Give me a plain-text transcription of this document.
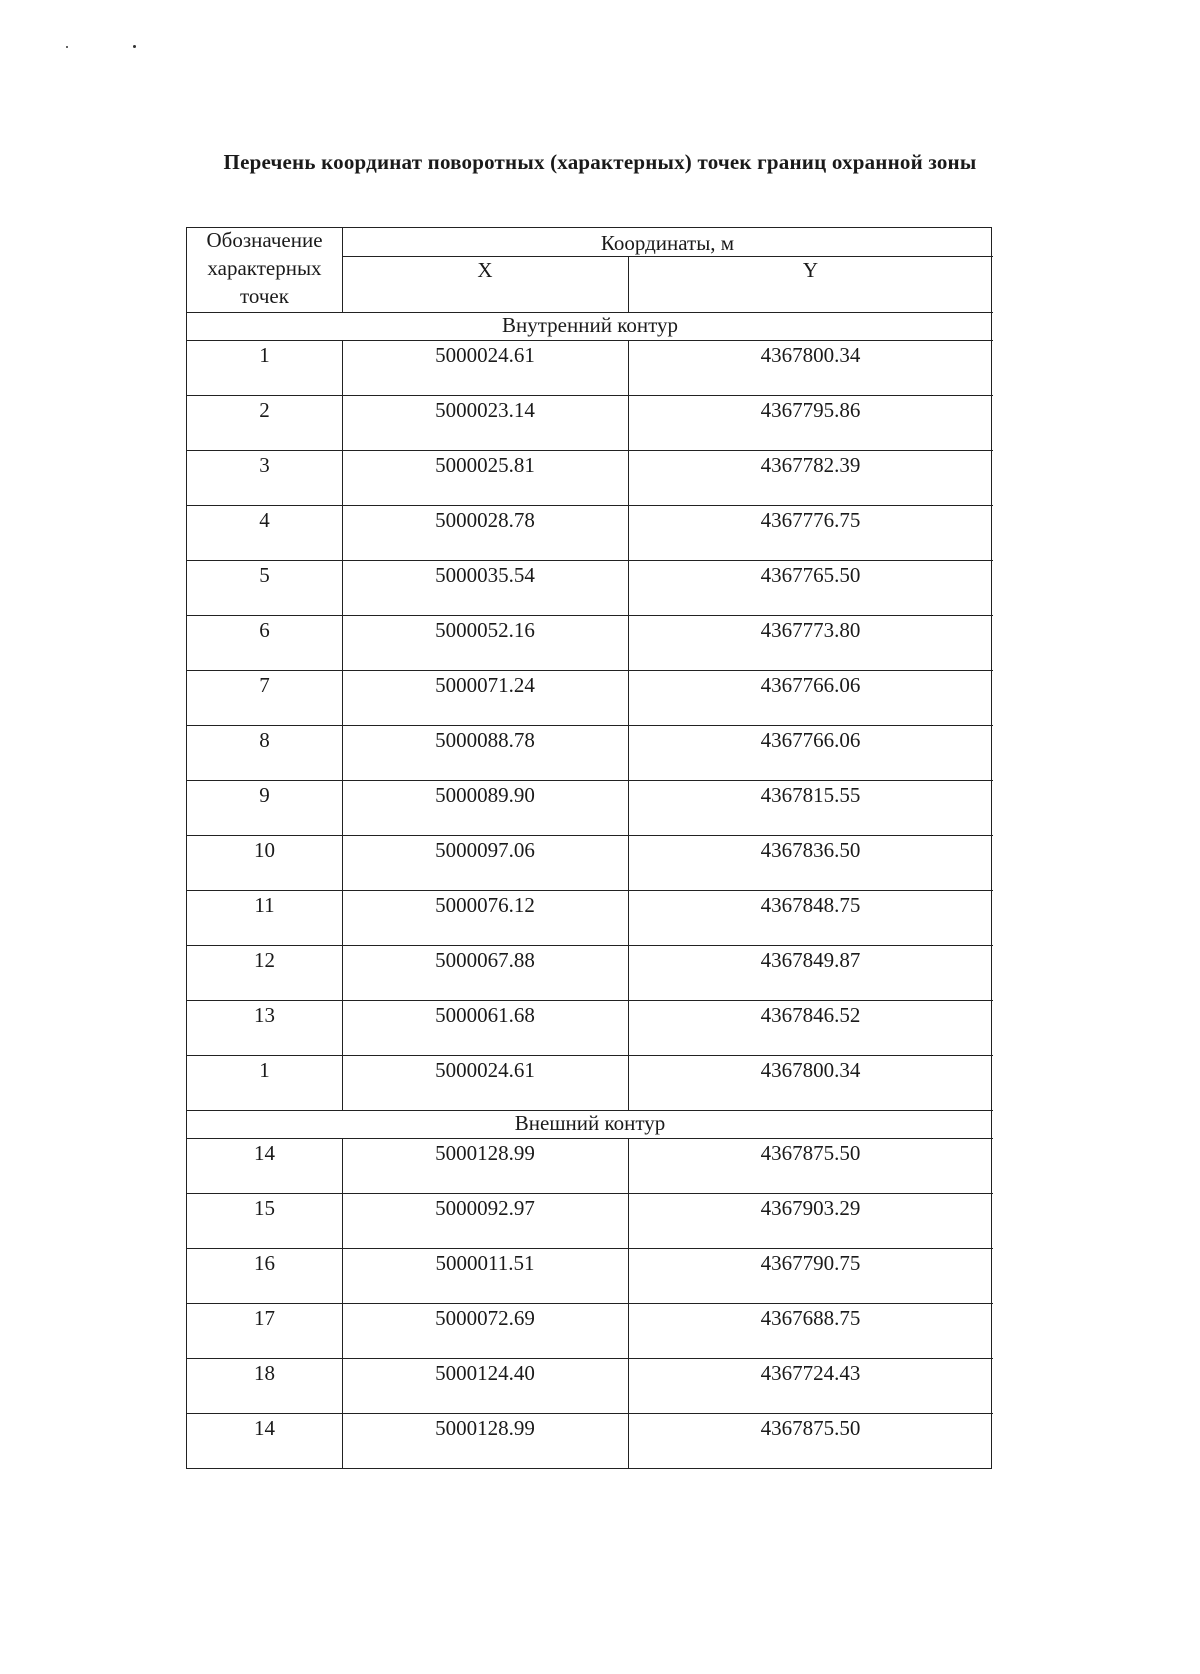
Перечень координат поворотных (характерных) точек границ охранной зоны
Обозначение
характерных
точек
Координаты, м
X	Y
Внутренний контур
1	5000024.61	4367800.34
2	5000023.14	4367795.86
3	5000025.81	4367782.39
4	5000028.78	4367776.75
5	5000035.54	4367765.50
6	5000052.16	4367773.80
7	5000071.24	4367766.06
8	5000088.78	4367766.06
9	5000089.90	4367815.55
10	5000097.06	4367836.50
11	5000076.12	4367848.75
12	5000067.88	4367849.87
13	5000061.68	4367846.52
1	5000024.61	4367800.34
Внешний контур
14	5000128.99	4367875.50
15	5000092.97	4367903.29
16	5000011.51	4367790.75
17	5000072.69	4367688.75
18	5000124.40	4367724.43
14	5000128.99	4367875.50
